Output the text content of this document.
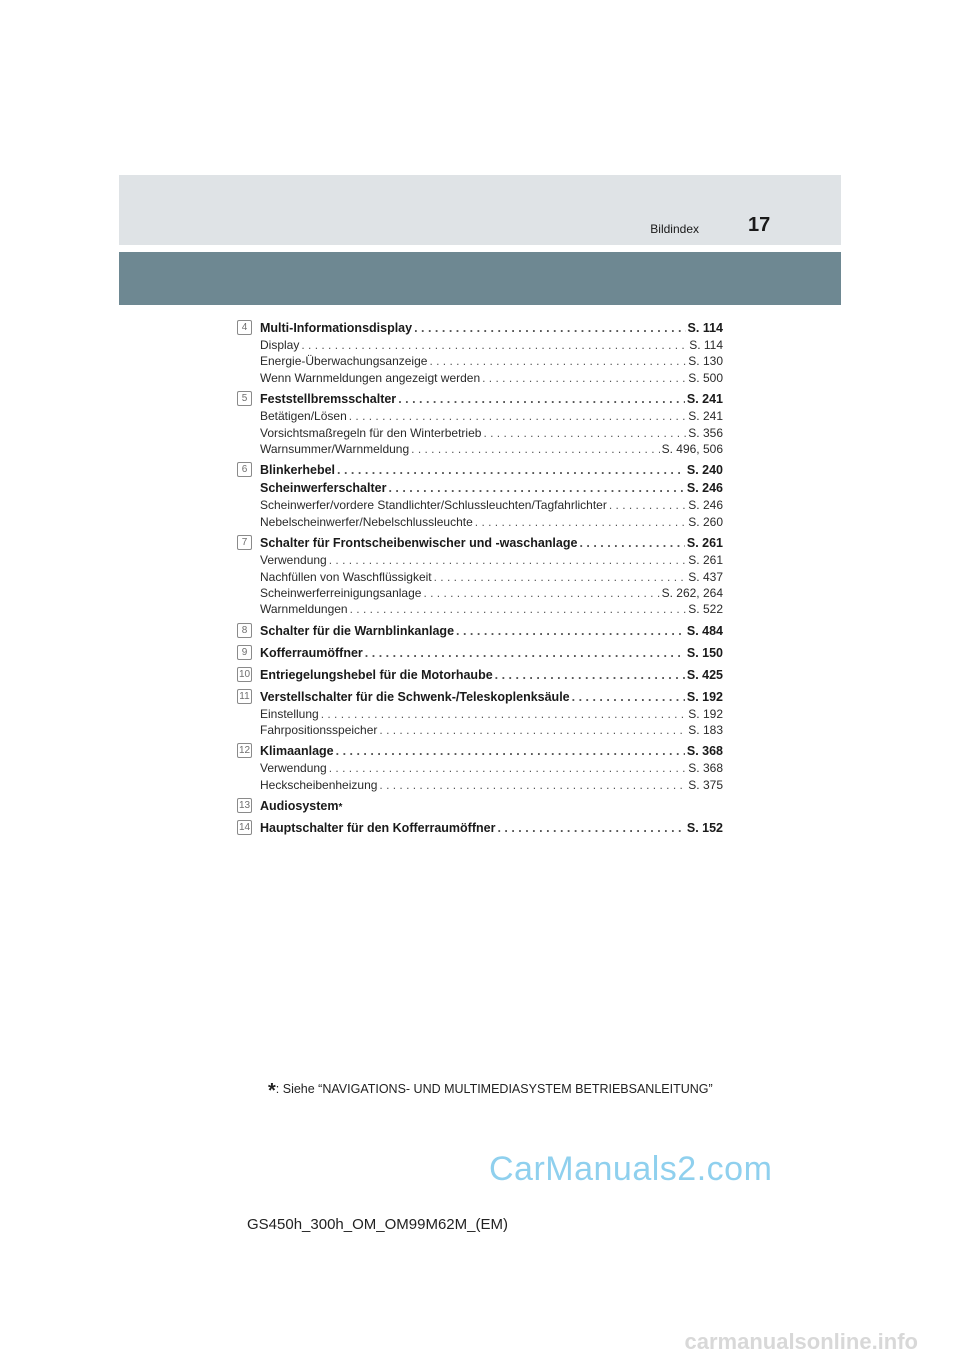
Bildindex 17
4	Multi-Informationsdisplay . . .	S. 114
Display . . .	S. 114
Energie-Überwachungsanzeige . . .	S. 130
Wenn Warnmeldungen angezeigt werden . . .	S. 500
5	Feststellbremsschalter . . .	S. 241
Betätigen/Lösen . . .	S. 241
Vorsichtsmaßregeln für den Winterbetrieb . . .	S. 356
Warnsummer/Warnmeldung . . .	S. 496, 506
6	Blinkerhebel . . .	S. 240
Scheinwerferschalter . . .	S. 246
Scheinwerfer/vordere Standlichter/Schlussleuchten/Tagfahrlichter . . .	S. 246
Nebelscheinwerfer/Nebelschlussleuchte . . .	S. 260
7	Schalter für Frontscheibenwischer und -waschanlage . . .	S. 261
Verwendung . . .	S. 261
Nachfüllen von Waschflüssigkeit . . .	S. 437
Scheinwerferreinigungsanlage . . .	S. 262, 264
Warnmeldungen . . .	S. 522
8	Schalter für die Warnblinkanlage . . .	S. 484
9	Kofferraumöffner . . .	S. 150
10 Entriegelungshebel für die Motorhaube . . .	S. 425
11 Verstellschalter für die Schwenk-/Teleskoplenksäule . . .	S. 192
Einstellung . . .	S. 192
Fahrpositionsspeicher . . .	S. 183
12 Klimaanlage . . .	S. 368
Verwendung . . .	S. 368
Heckscheibenheizung . . .	S. 375
13 Audiosystem *
14 Hauptschalter für den Kofferraumöffner . . .	S. 152
*: Siehe “NAVIGATIONS- UND MULTIMEDIASYSTEM BETRIEBSANLEITUNG”
CarManuals2.com
GS450h_300h_OM_OM99M62M_(EM)
carmanualsonline.info
